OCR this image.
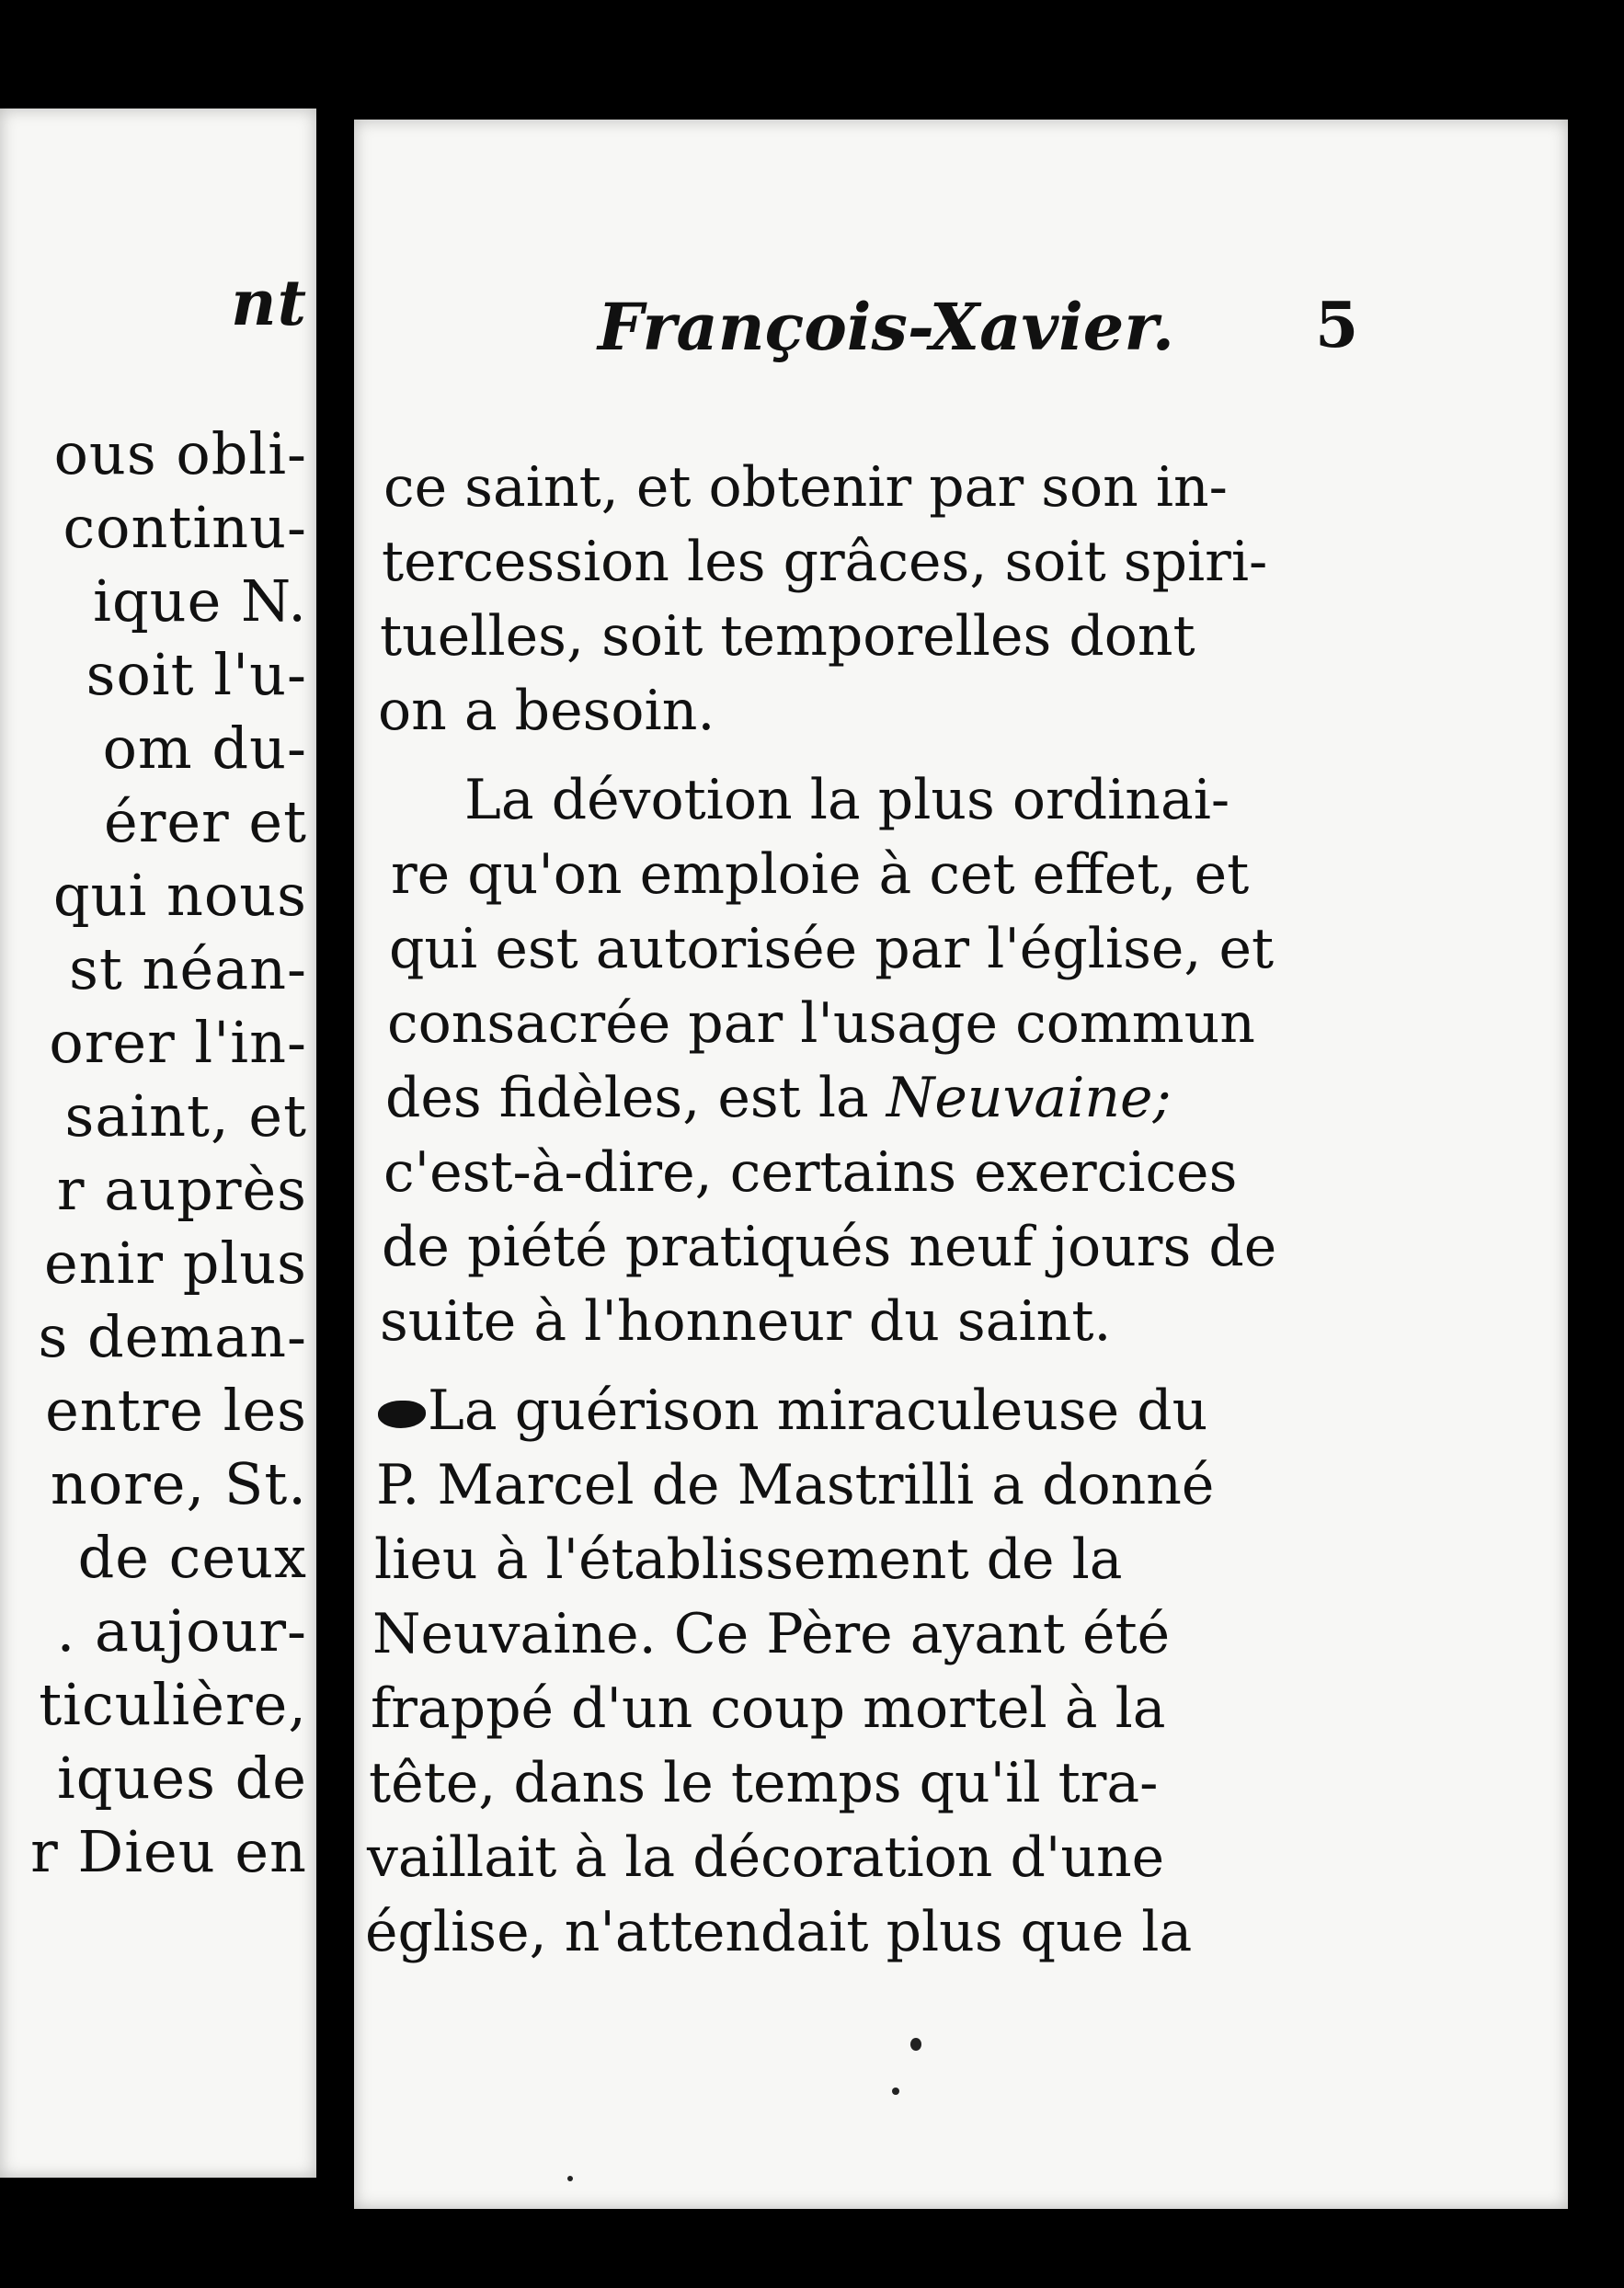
nt
ous obli-
continu-
ique N.
soit l'u-
om du-
érer et
qui nous
st néan-
orer l'in-
saint, et
r auprès
enir plus
s deman-
entre les
nore, St.
de ceux
. aujour-
ticulière,
iques de
r Dieu en
François-Xavier. 5
ce saint, et obtenir par son in-
tercession les grâces, soit spiri-
tuelles, soit temporelles dont
on a besoin.
La dévotion la plus ordinai-
re qu'on emploie à cet effet, et
qui est autorisée par l'église, et
consacrée par l'usage commun
des fidèles, est la Neuvaine;
c'est-à-dire, certains exercices
de piété pratiqués neuf jours de
suite à l'honneur du saint.
La guérison miraculeuse du
P. Marcel de Mastrilli a donné
lieu à l'établissement de la
Neuvaine. Ce Père ayant été
frappé d'un coup mortel à la
tête, dans le temps qu'il tra-
vaillait à la décoration d'une
église, n'attendait plus que la
